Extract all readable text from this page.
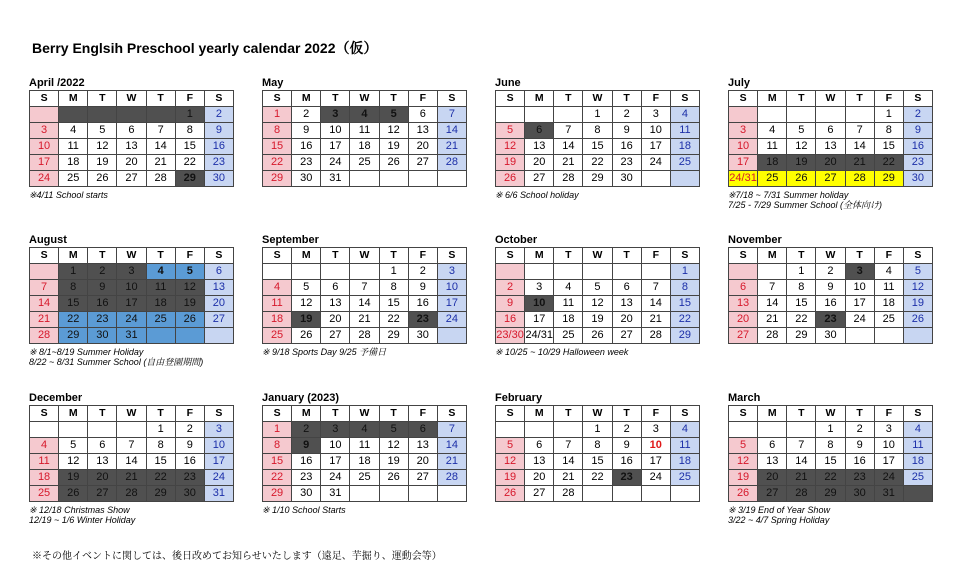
Berry Englsih Preschool yearly calendar 2022（仮）
April /2022
S	M	T	W	T	F	S
					1	2
3	4	5	6	7	8	9
10	11	12	13	14	15	16
17	18	19	20	21	22	23
24	25	26	27	28	29	30
※4/11 School starts
May
S	M	T	W	T	F	S
1	2	3	4	5	6	7
8	9	10	11	12	13	14
15	16	17	18	19	20	21
22	23	24	25	26	27	28
29	30	31				
June
S	M	T	W	T	F	S
			1	2	3	4
5	6	7	8	9	10	11
12	13	14	15	16	17	18
19	20	21	22	23	24	25
26	27	28	29	30		
※ 6/6 School holiday
July
S	M	T	W	T	F	S
					1	2
3	4	5	6	7	8	9
10	11	12	13	14	15	16
17	18	19	20	21	22	23
24/31	25	26	27	28	29	30
※7/18 ~ 7/31 Summer holiday
7/25 - 7/29 Summer School (全体向け)
August
S	M	T	W	T	F	S
	1	2	3	4	5	6
7	8	9	10	11	12	13
14	15	16	17	18	19	20
21	22	23	24	25	26	27
28	29	30	31			
※ 8/1~8/19 Summer Holiday
8/22 ~ 8/31 Summer School (自由登園期間)
September
S	M	T	W	T	F	S
				1	2	3
4	5	6	7	8	9	10
11	12	13	14	15	16	17
18	19	20	21	22	23	24
25	26	27	28	29	30	
※ 9/18 Sports Day 9/25 予備日
October
S	M	T	W	T	F	S
						1
2	3	4	5	6	7	8
9	10	11	12	13	14	15
16	17	18	19	20	21	22
23/30	24/31	25	26	27	28	29
※ 10/25 ~ 10/29 Halloween week
November
S	M	T	W	T	F	S
		1	2	3	4	5
6	7	8	9	10	11	12
13	14	15	16	17	18	19
20	21	22	23	24	25	26
27	28	29	30			
December
S	M	T	W	T	F	S
				1	2	3
4	5	6	7	8	9	10
11	12	13	14	15	16	17
18	19	20	21	22	23	24
25	26	27	28	29	30	31
※ 12/18 Christmas Show
12/19 ~ 1/6 Winter Holiday
January (2023)
S	M	T	W	T	F	S
1	2	3	4	5	6	7
8	9	10	11	12	13	14
15	16	17	18	19	20	21
22	23	24	25	26	27	28
29	30	31				
※ 1/10 School Starts
February
S	M	T	W	T	F	S
			1	2	3	4
5	6	7	8	9	10	11
12	13	14	15	16	17	18
19	20	21	22	23	24	25
26	27	28				
March
S	M	T	W	T	F	S
			1	2	3	4
5	6	7	8	9	10	11
12	13	14	15	16	17	18
19	20	21	22	23	24	25
26	27	28	29	30	31	
※ 3/19 End of Year Show
3/22 ~ 4/7 Spring Holiday
※その他イベントに関しては、後日改めてお知らせいたします（遠足、芋掘り、運動会等）
